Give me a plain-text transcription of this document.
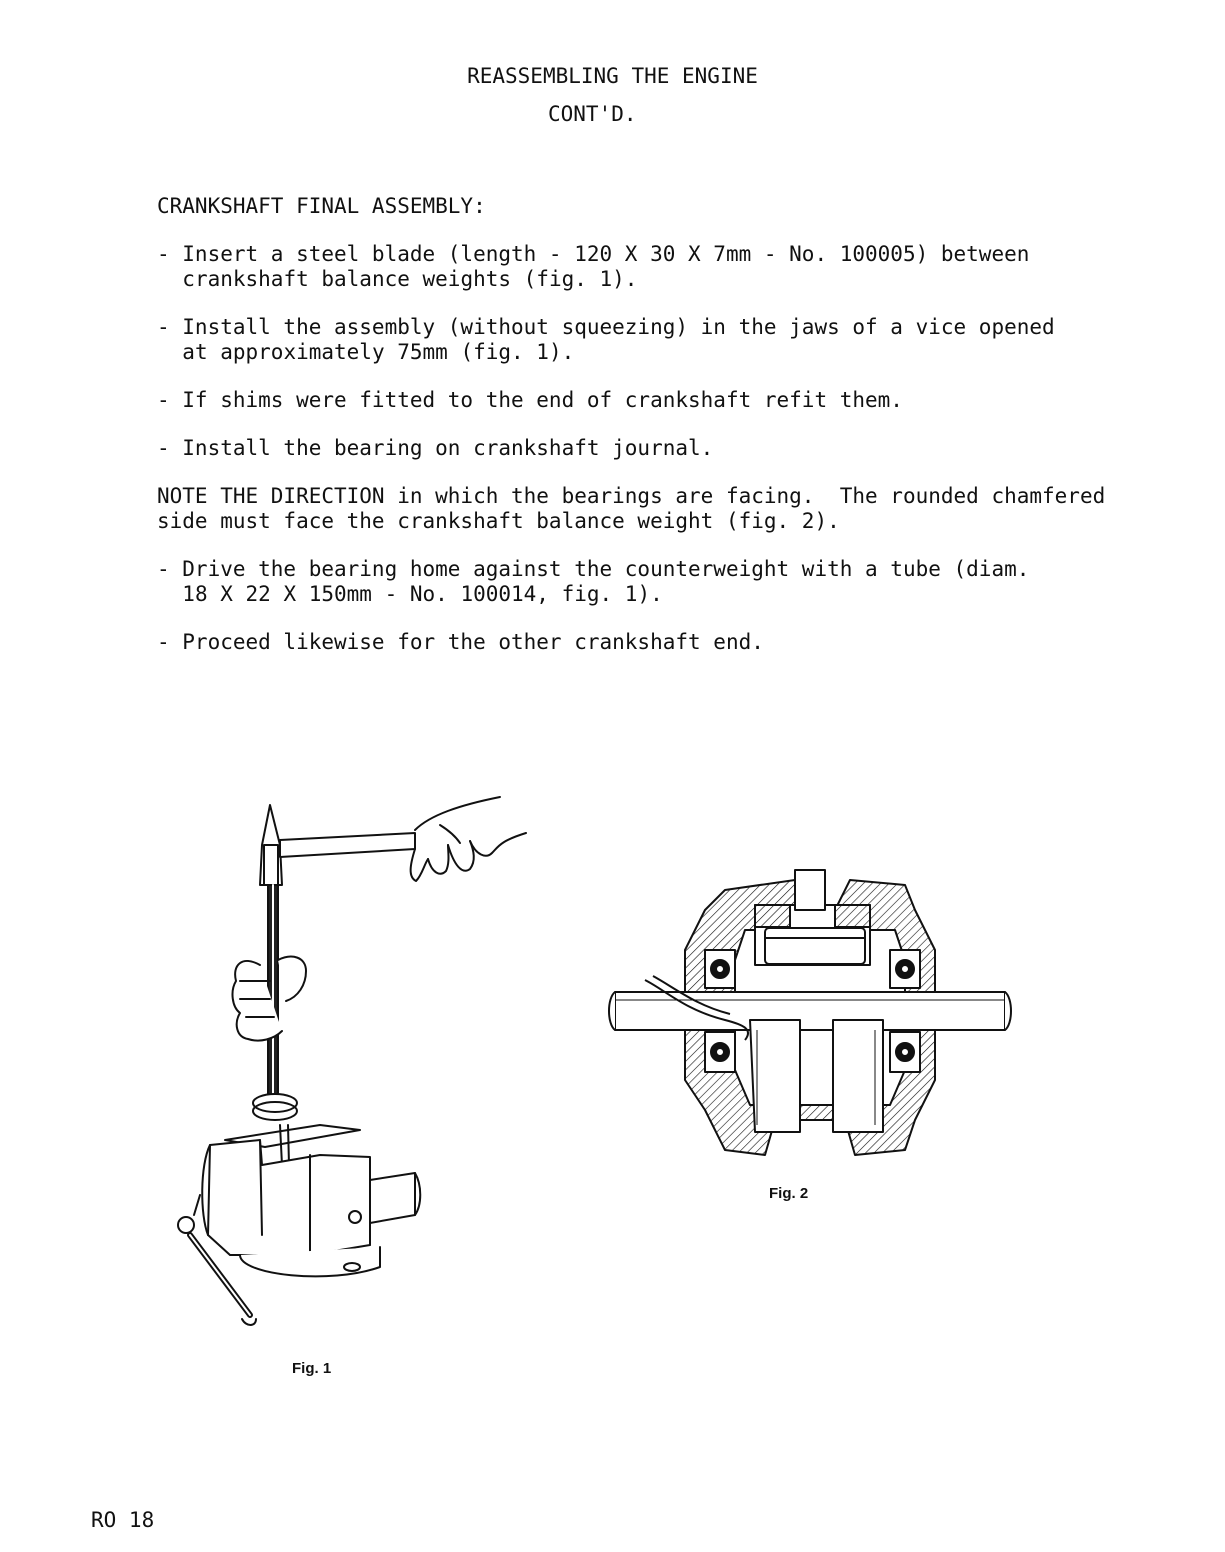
REASSEMBLING THE ENGINE
CONT'D.
CRANKSHAFT FINAL ASSEMBLY:
- Insert a steel blade (length - 120 X 30 X 7mm - No. 100005) between
crankshaft balance weights (fig. 1).
- Install the assembly (without squeezing) in the jaws of a vice opened
at approximately 75mm (fig. 1).
- If shims were fitted to the end of crankshaft refit them.
- Install the bearing on crankshaft journal.
NOTE THE DIRECTION in which the bearings are facing.  The rounded chamfered
side must face the crankshaft balance weight (fig. 2).
- Drive the bearing home against the counterweight with a tube (diam.
18 X 22 X 150mm - No. 100014, fig. 1).
- Proceed likewise for the other crankshaft end.
Fig. 1
Fig. 2
RO 18
